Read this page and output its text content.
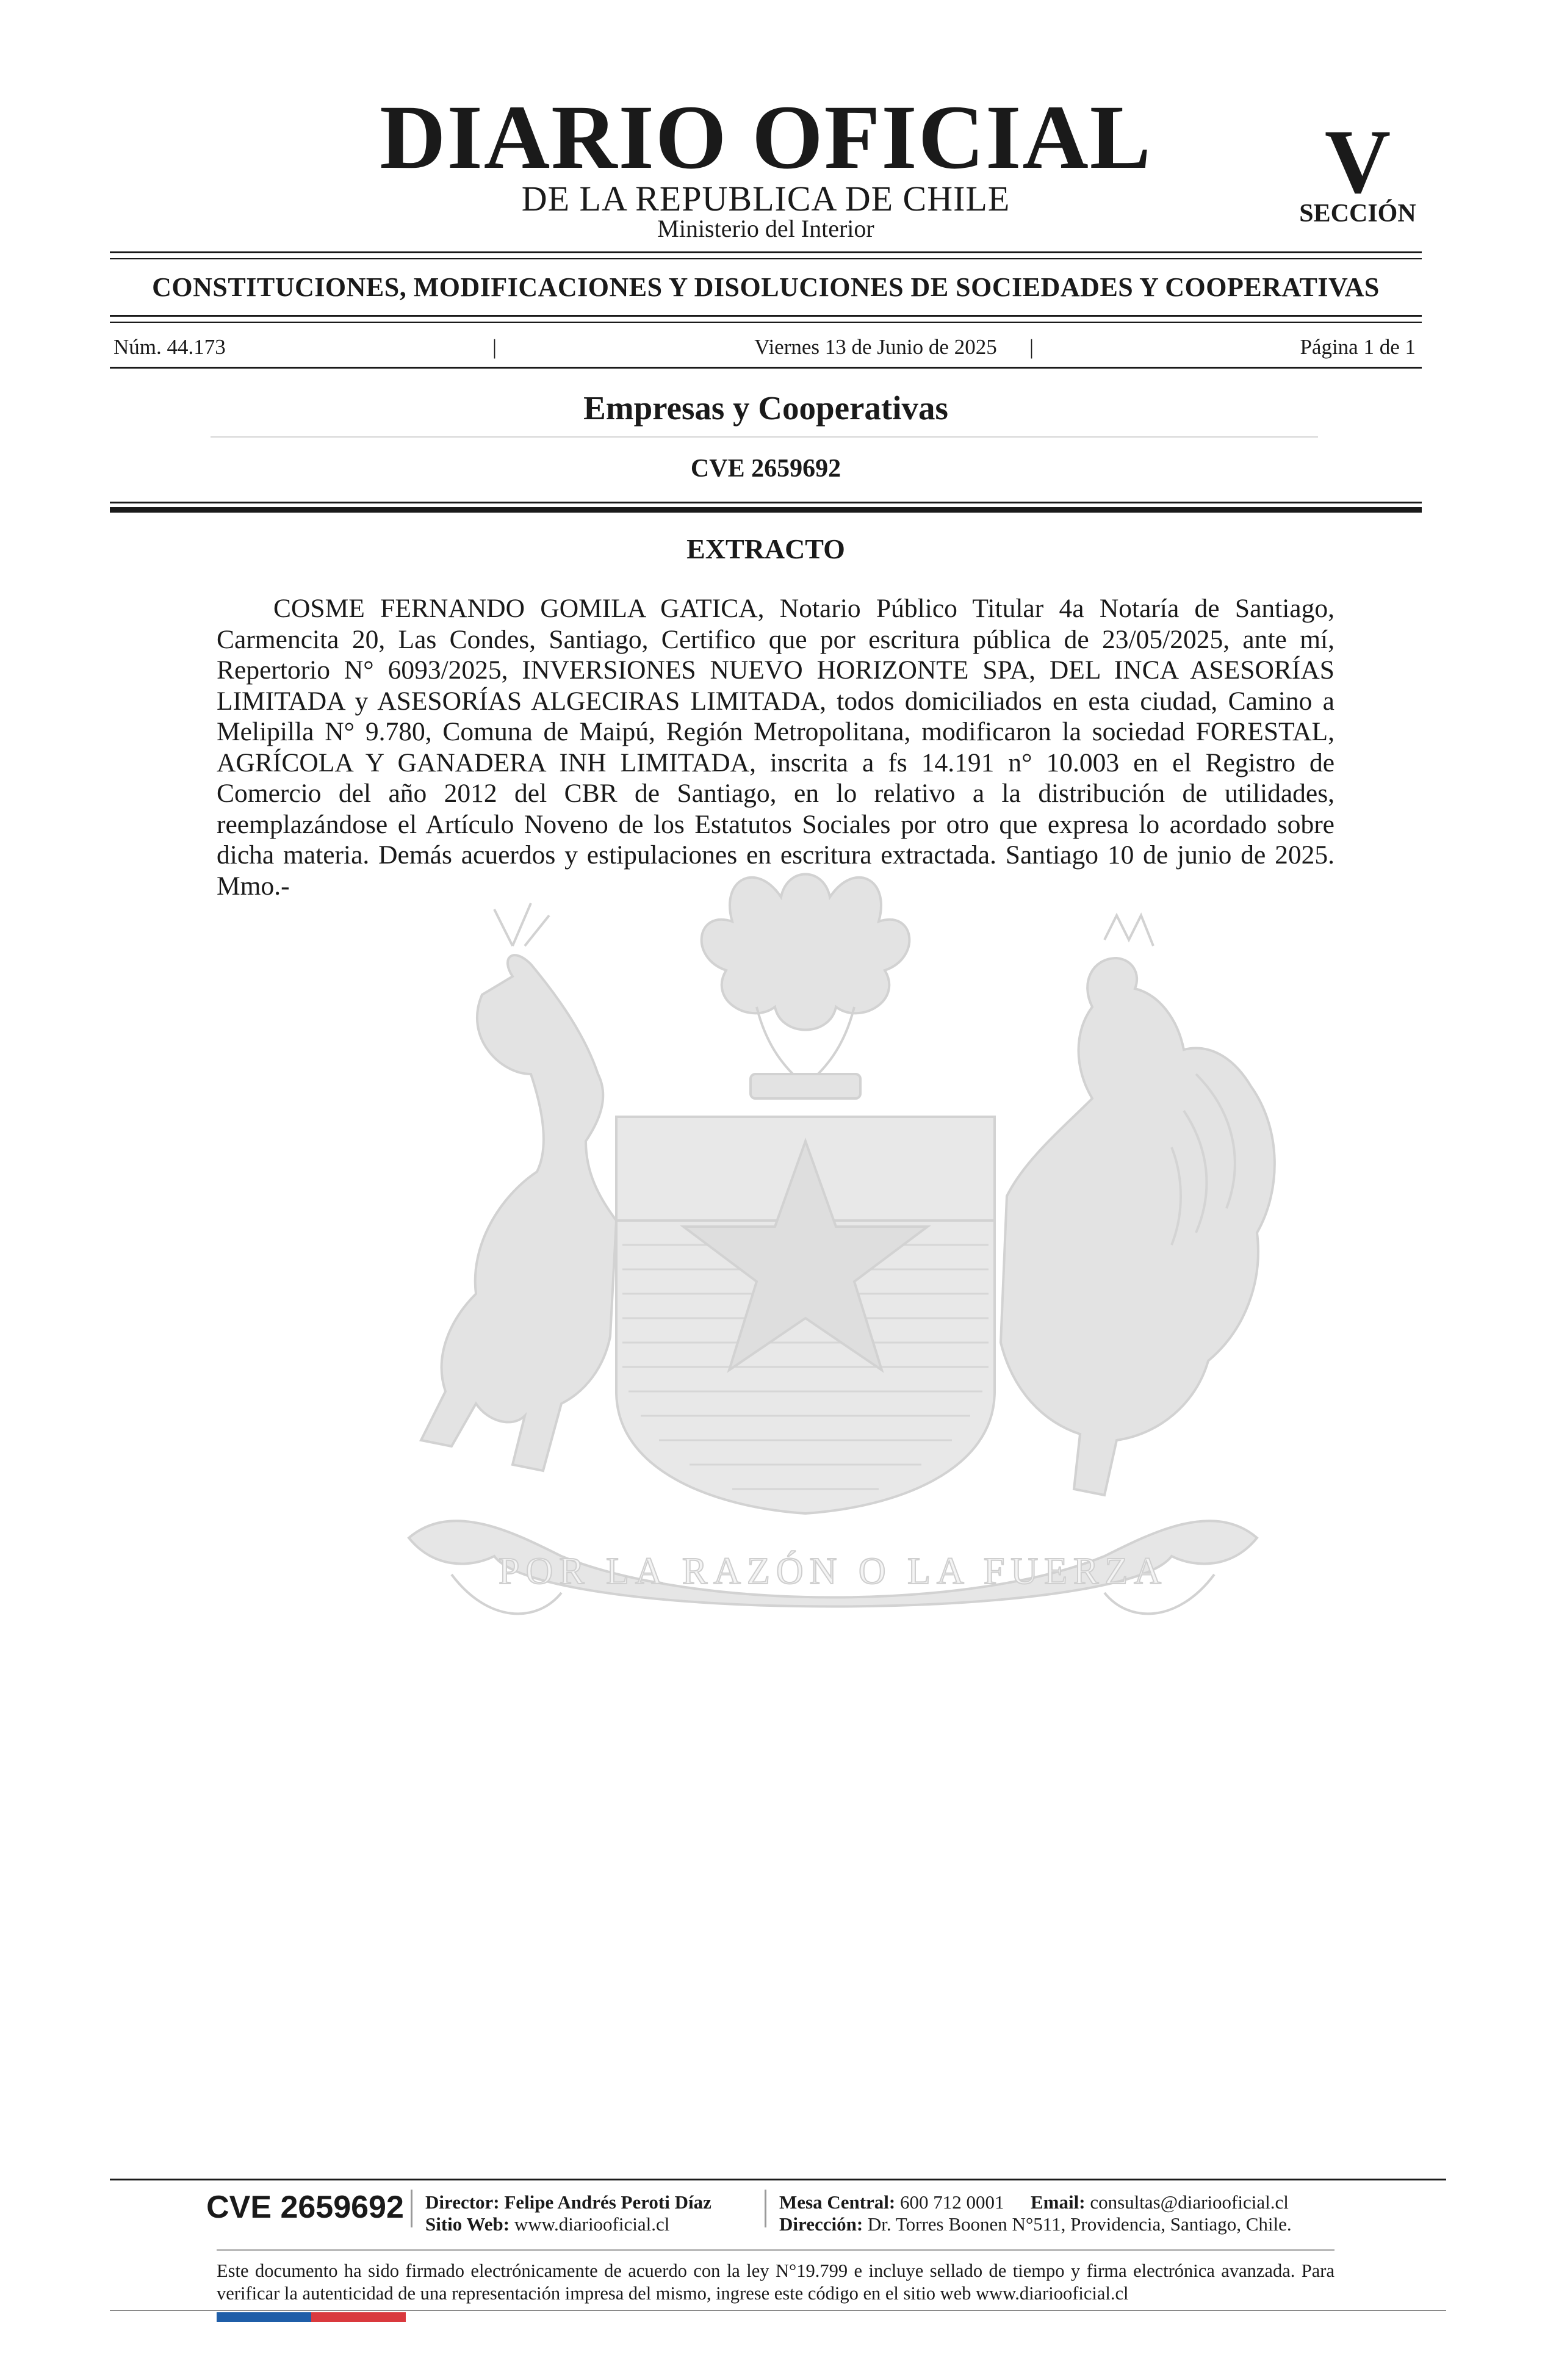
DIARIO OFICIAL
DE LA REPUBLICA DE CHILE
Ministerio del Interior
V
SECCIÓN
CONSTITUCIONES, MODIFICACIONES Y DISOLUCIONES DE SOCIEDADES Y COOPERATIVAS
Núm. 44.173	|	Viernes 13 de Junio de 2025	|	Página 1 de 1
Empresas y Cooperativas
CVE 2659692
POR LA RAZÓN O LA FUERZA
EXTRACTO
COSME FERNANDO GOMILA GATICA, Notario Público Titular 4a Notaría de Santiago, Carmencita 20, Las Condes, Santiago, Certifico que por escritura pública de 23/05/2025, ante mí, Repertorio N° 6093/2025, INVERSIONES NUEVO HORIZONTE SPA, DEL INCA ASESORÍAS LIMITADA y ASESORÍAS ALGECIRAS LIMITADA, todos domiciliados en esta ciudad, Camino a Melipilla N° 9.780, Comuna de Maipú, Región Metropolitana, modificaron la sociedad FORESTAL, AGRÍCOLA Y GANADERA INH LIMITADA, inscrita a fs 14.191 n° 10.003 en el Registro de Comercio del año 2012 del CBR de Santiago, en lo relativo a la distribución de utilidades, reemplazándose el Artículo Noveno de los Estatutos Sociales por otro que expresa lo acordado sobre dicha materia. Demás acuerdos y estipulaciones en escritura extractada. Santiago 10 de junio de 2025. Mmo.-
CVE 2659692 Director: Felipe Andrés Peroti Díaz
Sitio Web: www.diariooficial.cl
Mesa Central: 600 712 0001 Email: consultas@diariooficial.cl
Dirección: Dr. Torres Boonen N°511, Providencia, Santiago, Chile.
Este documento ha sido firmado electrónicamente de acuerdo con la ley N°19.799 e incluye sellado de tiempo y firma electrónica avanzada. Para verificar la autenticidad de una representación impresa del mismo, ingrese este código en el sitio web www.diariooficial.cl
